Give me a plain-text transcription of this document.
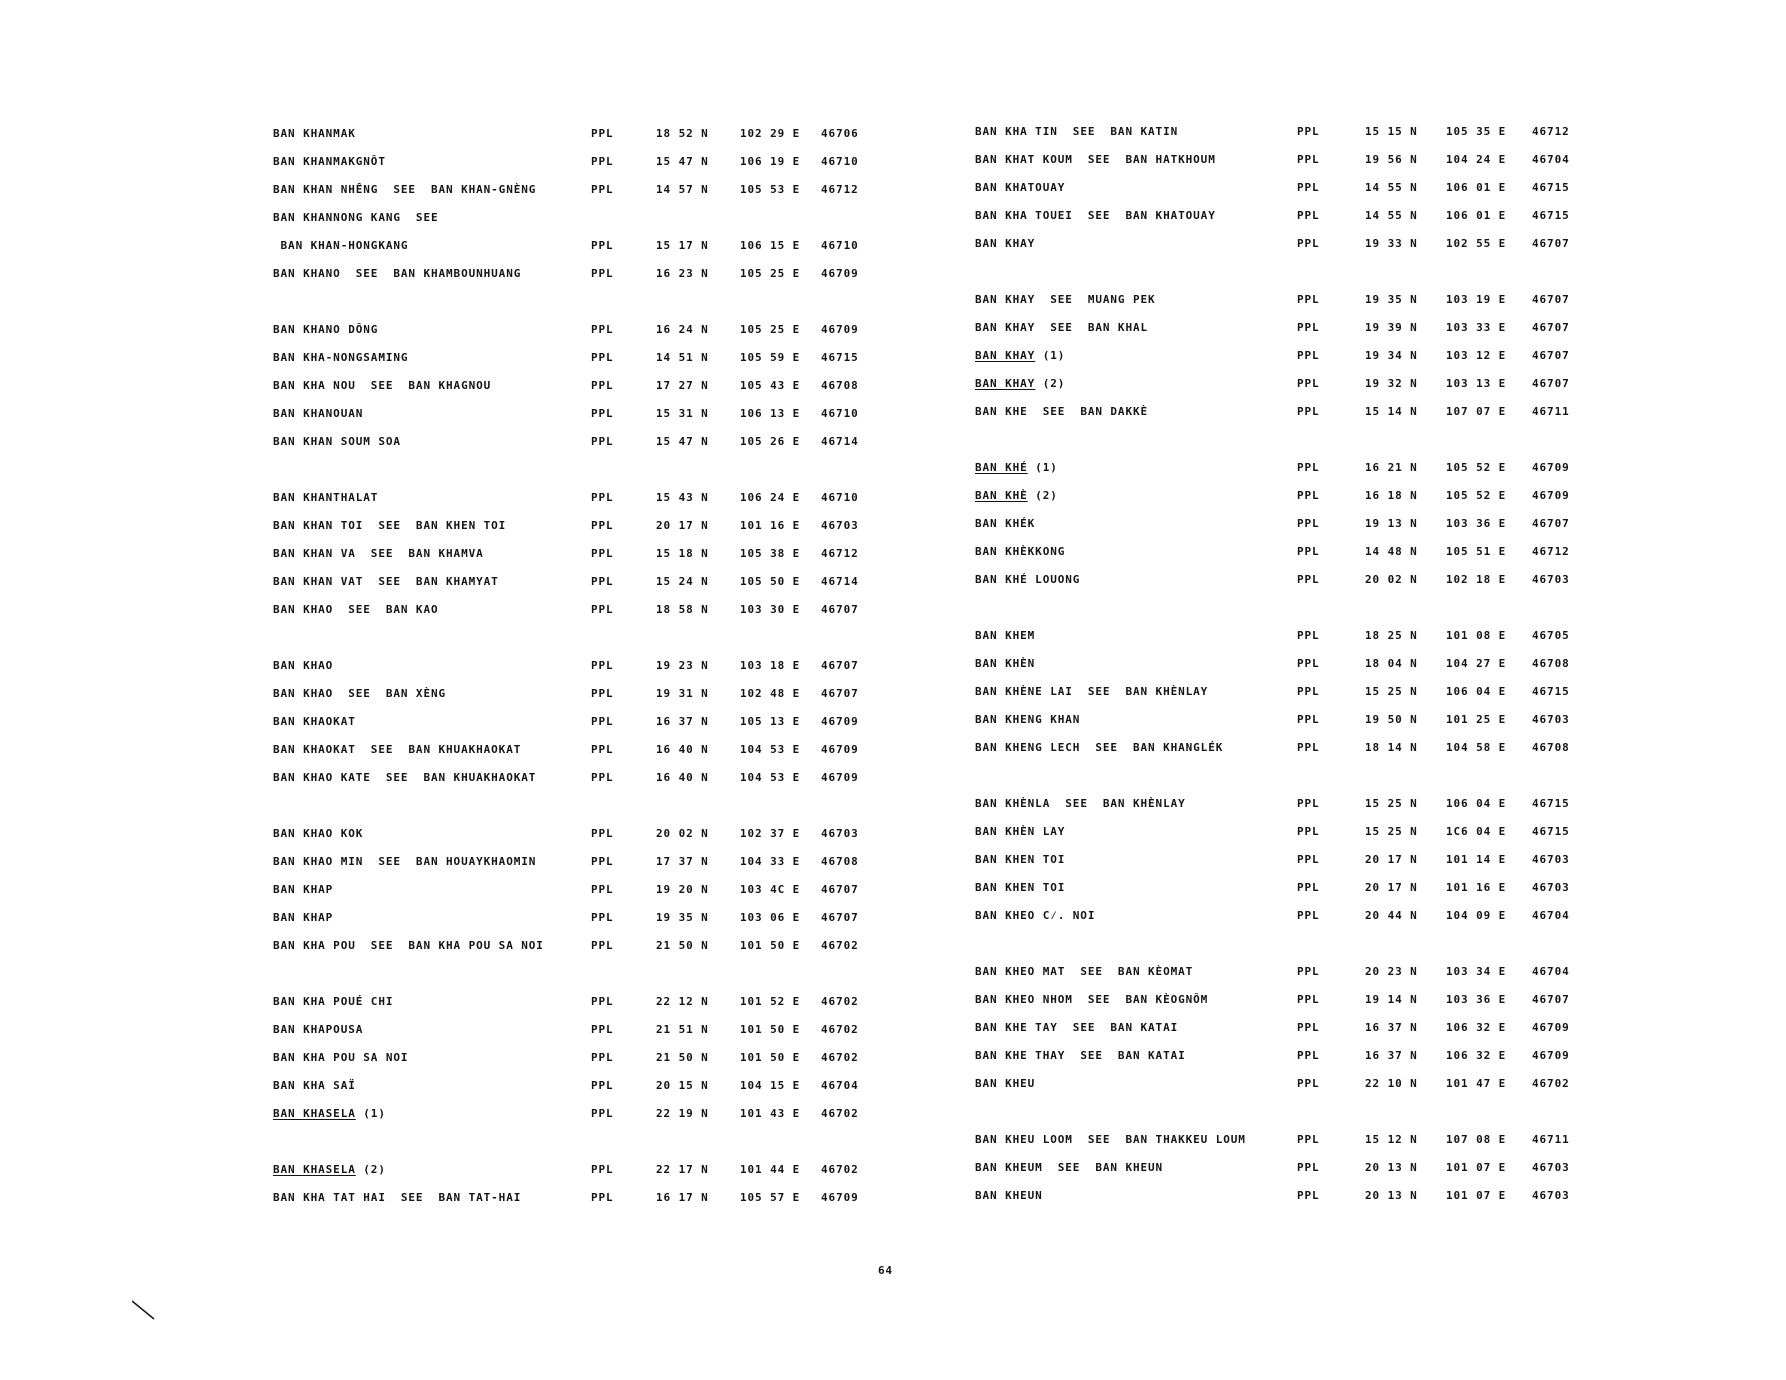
BAN KHANMAK	PPL	18 52 N	102 29 E 46706
BAN KHANMAKGNÔT	PPL	15 47 N	106 19 E 46710
BAN KHAN NHÊNG  SEE  BAN KHAN-GNÈNG	PPL	14 57 N	105 53 E 46712
BAN KHANNONG KANG  SEE
BAN KHAN-HONGKANG	PPL	15 17 N	106 15 E 46710
BAN KHANO  SEE  BAN KHAMBOUNHUANG	PPL	16 23 N	105 25 E 46709
BAN KHANO DÔNG	PPL	16 24 N	105 25 E 46709
BAN KHA-NONGSAMING	PPL	14 51 N	105 59 E 46715
BAN KHA NOU  SEE  BAN KHAGNOU	PPL	17 27 N	105 43 E 46708
BAN KHANOUAN	PPL	15 31 N	106 13 E 46710
BAN KHAN SOUM SOA	PPL	15 47 N	105 26 E 46714
BAN KHANTHALAT	PPL	15 43 N	106 24 E 46710
BAN KHAN TOI  SEE  BAN KHEN TOI	PPL	20 17 N	101 16 E 46703
BAN KHAN VA  SEE  BAN KHAMVA	PPL	15 18 N	105 38 E 46712
BAN KHAN VAT  SEE  BAN KHAMYAT	PPL	15 24 N	105 50 E 46714
BAN KHAO  SEE  BAN KAO	PPL	18 58 N	103 30 E 46707
BAN KHAO	PPL	19 23 N	103 18 E 46707
BAN KHAO  SEE  BAN XÈNG	PPL	19 31 N	102 48 E 46707
BAN KHAOKAT	PPL	16 37 N	105 13 E 46709
BAN KHAOKAT  SEE  BAN KHUAKHAOKAT	PPL	16 40 N	104 53 E 46709
BAN KHAO KATE  SEE  BAN KHUAKHAOKAT	PPL	16 40 N	104 53 E 46709
BAN KHAO KOK	PPL	20 02 N	102 37 E 46703
BAN KHAO MIN  SEE  BAN HOUAYKHAOMIN	PPL	17 37 N	104 33 E 46708
BAN KHAP	PPL	19 20 N	103 4C E 46707
BAN KHAP	PPL	19 35 N	103 06 E 46707
BAN KHA POU  SEE  BAN KHA POU SA NOI	PPL	21 50 N	101 50 E 46702
BAN KHA POUÉ CHI	PPL	22 12 N	101 52 E 46702
BAN KHAPOUSA	PPL	21 51 N	101 50 E 46702
BAN KHA POU SA NOI	PPL	21 50 N	101 50 E 46702
BAN KHA SAÏ	PPL	20 15 N	104 15 E 46704
BAN KHASELA (1)	PPL	22 19 N	101 43 E 46702
BAN KHASELA (2)	PPL	22 17 N	101 44 E 46702
BAN KHA TAT HAI  SEE  BAN TAT-HAI	PPL	16 17 N	105 57 E 46709
BAN KHA TIN  SEE  BAN KATIN	PPL	15 15 N	105 35 E 46712
BAN KHAT KOUM  SEE  BAN HATKHOUM	PPL	19 56 N	104 24 E 46704
BAN KHATOUAY	PPL	14 55 N	106 01 E 46715
BAN KHA TOUEI  SEE  BAN KHATOUAY	PPL	14 55 N	106 01 E 46715
BAN KHAY	PPL	19 33 N	102 55 E 46707
BAN KHAY  SEE  MUANG PEK	PPL	19 35 N	103 19 E 46707
BAN KHAY  SEE  BAN KHAL	PPL	19 39 N	103 33 E 46707
BAN KHAY (1)	PPL	19 34 N	103 12 E 46707
BAN KHAY (2)	PPL	19 32 N	103 13 E 46707
BAN KHE  SEE  BAN DAKKÈ	PPL	15 14 N	107 07 E 46711
BAN KHÉ (1)	PPL	16 21 N	105 52 E 46709
BAN KHÈ (2)	PPL	16 18 N	105 52 E 46709
BAN KHÉK	PPL	19 13 N	103 36 E 46707
BAN KHÈKKONG	PPL	14 48 N	105 51 E 46712
BAN KHÉ LOUONG	PPL	20 02 N	102 18 E 46703
BAN KHEM	PPL	18 25 N	101 08 E 46705
BAN KHÈN	PPL	18 04 N	104 27 E 46708
BAN KHÈNE LAI  SEE  BAN KHÈNLAY	PPL	15 25 N	106 04 E 46715
BAN KHENG KHAN	PPL	19 50 N	101 25 E 46703
BAN KHENG LECH  SEE  BAN KHANGLÉK	PPL	18 14 N	104 58 E 46708
BAN KHÈNLA  SEE  BAN KHÈNLAY	PPL	15 25 N	106 04 E 46715
BAN KHÈN LAY	PPL	15 25 N	1C6 04 E 46715
BAN KHEN TOI	PPL	20 17 N	101 14 E 46703
BAN KHEN TOI	PPL	20 17 N	101 16 E 46703
BAN KHEO C⁄. NOI	PPL	20 44 N	104 09 E 46704
BAN KHEO MAT  SEE  BAN KÈOMAT	PPL	20 23 N	103 34 E 46704
BAN KHEO NHOM  SEE  BAN KÈOGNÔM	PPL	19 14 N	103 36 E 46707
BAN KHE TAY  SEE  BAN KATAI	PPL	16 37 N	106 32 E 46709
BAN KHE THAY  SEE  BAN KATAI	PPL	16 37 N	106 32 E 46709
BAN KHEU	PPL	22 10 N	101 47 E 46702
BAN KHEU LOOM  SEE  BAN THAKKEU LOUM	PPL	15 12 N	107 08 E 46711
BAN KHEUM  SEE  BAN KHEUN	PPL	20 13 N	101 07 E 46703
BAN KHEUN	PPL	20 13 N	101 07 E 46703
64
